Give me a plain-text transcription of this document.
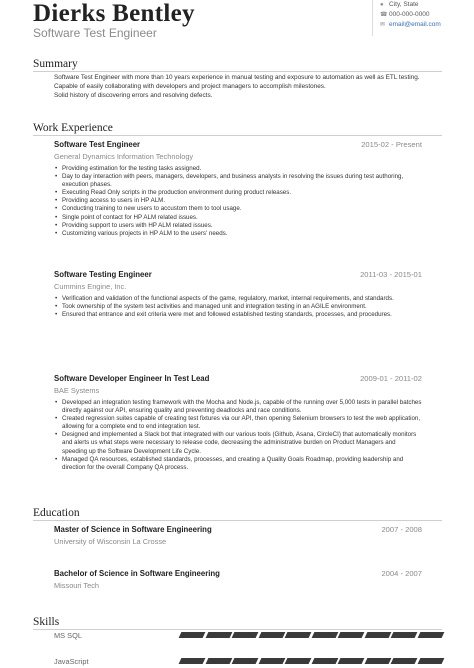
Dierks Bentley
Software Test Engineer
● City, State
☎ 000-000-0000
✉ email@email.com
Summary

Software Test Engineer with more than 10 years experience in manual testing and exposure to automation as well as ETL testing. Capable of easily collaborating with developers and project managers to accomplish milestones.

Solid history of discovering errors and resolving defects.

Work Experience
Software Test Engineer	2015-02 - Present
General Dynamics Information Technology
• Providing estimation for the testing tasks assigned.
• Day to day interaction with peers, managers, developers, and business analysts in resolving the issues during test authoring, execution phases.
• Executing Read Only scripts in the production environment during product releases.
• Providing access to users in HP ALM.
• Conducting training to new users to accustom them to tool usage.
• Single point of contact for HP ALM related issues.
• Providing support to users with HP ALM related issues.
• Customizing various projects in HP ALM to the users' needs.
Software Testing Engineer	2011-03 - 2015-01
Cummins Engine, Inc.
• Verification and validation of the functional aspects of the game, regulatory, market, internal requirements, and standards.
• Took ownership of the system test activities and managed unit and integration testing in an AGILE environment.
• Ensured that entrance and exit criteria were met and followed established testing standards, processes, and procedures.
Software Developer Engineer In Test Lead	2009-01 - 2011-02
BAE Systems
• Developed an integration testing framework with the Mocha and Node.js, capable of the running over 5,000 tests in parallel batches directly against our API, ensuring quality and preventing deadlocks and race conditions.
• Created regression suites capable of creating test fixtures via our API, then opening Selenium browsers to test the web application, allowing for a complete end to end integration test.
• Designed and implemented a Slack bot that integrated with our various tools (Github, Asana, CircleCI) that automatically monitors and alerts us what steps were necessary to release code, decreasing the administrative burden on Product Managers and speeding up the Software Development Life Cycle.
• Managed QA resources, established standards, processes, and creating a Quality Goals Roadmap, providing leadership and direction for the overall Company QA process.
Education
Master of Science in Software Engineering	2007 - 2008
University of Wisconsin La Crosse
Bachelor of Science in Software Engineering	2004 - 2007
Missouri Tech
Skills
MS SQL
JavaScript
